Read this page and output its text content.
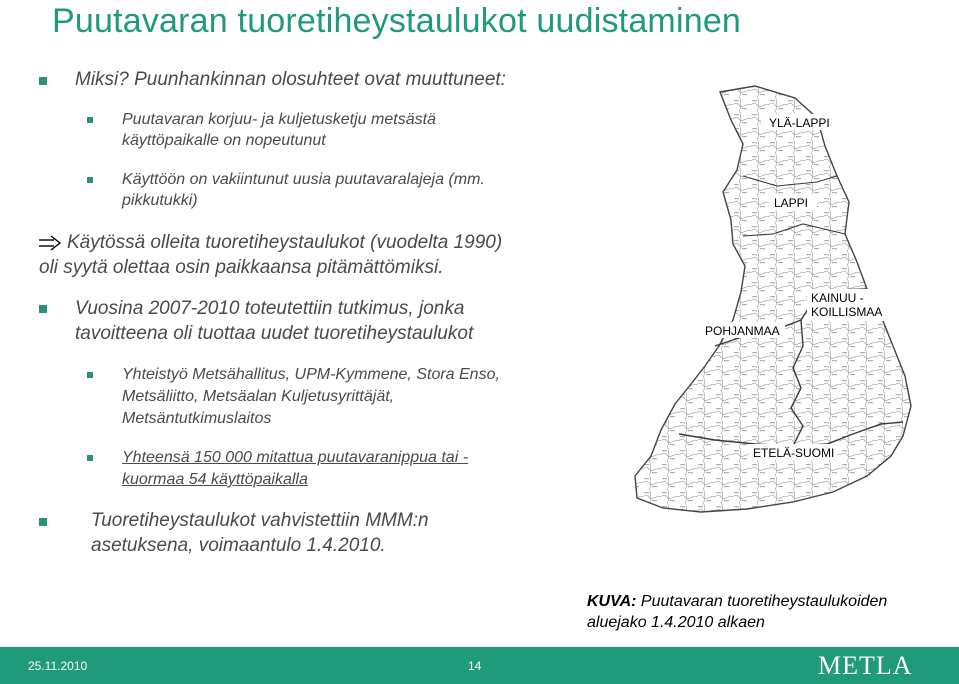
Puutavaran tuoretiheystaulukot uudistaminen
Miksi? Puunhankinnan olosuhteet ovat muuttuneet:
Puutavaran korjuu- ja kuljetusketju metsästä
käyttöpaikalle on nopeutunut
Käyttöön on vakiintunut uusia puutavaralajeja (mm.
pikkutukki)
Käytössä olleita tuoretiheystaulukot (vuodelta 1990)
oli syytä olettaa osin paikkaansa pitämättömiksi.
Vuosina 2007-2010 toteutettiin tutkimus, jonka
tavoitteena oli tuottaa uudet tuoretiheystaulukot
Yhteistyö Metsähallitus, UPM-Kymmene, Stora Enso,
Metsäliitto, Metsäalan Kuljetusyrittäjät,
Metsäntutkimuslaitos
Yhteensä 150 000 mitattua puutavaranippua tai -
kuormaa 54 käyttöpaikalla
Tuoretiheystaulukot vahvistettiin MMM:n
asetuksena, voimaantulo 1.4.2010.
YLÄ-LAPPI
LAPPI
KAINUU -
KOILLISMAA
POHJANMAA
ETELÄ-SUOMI
KUVA: Puutavaran tuoretiheystaulukoiden
aluejako 1.4.2010 alkaen
25.11.2010	14	METLA
